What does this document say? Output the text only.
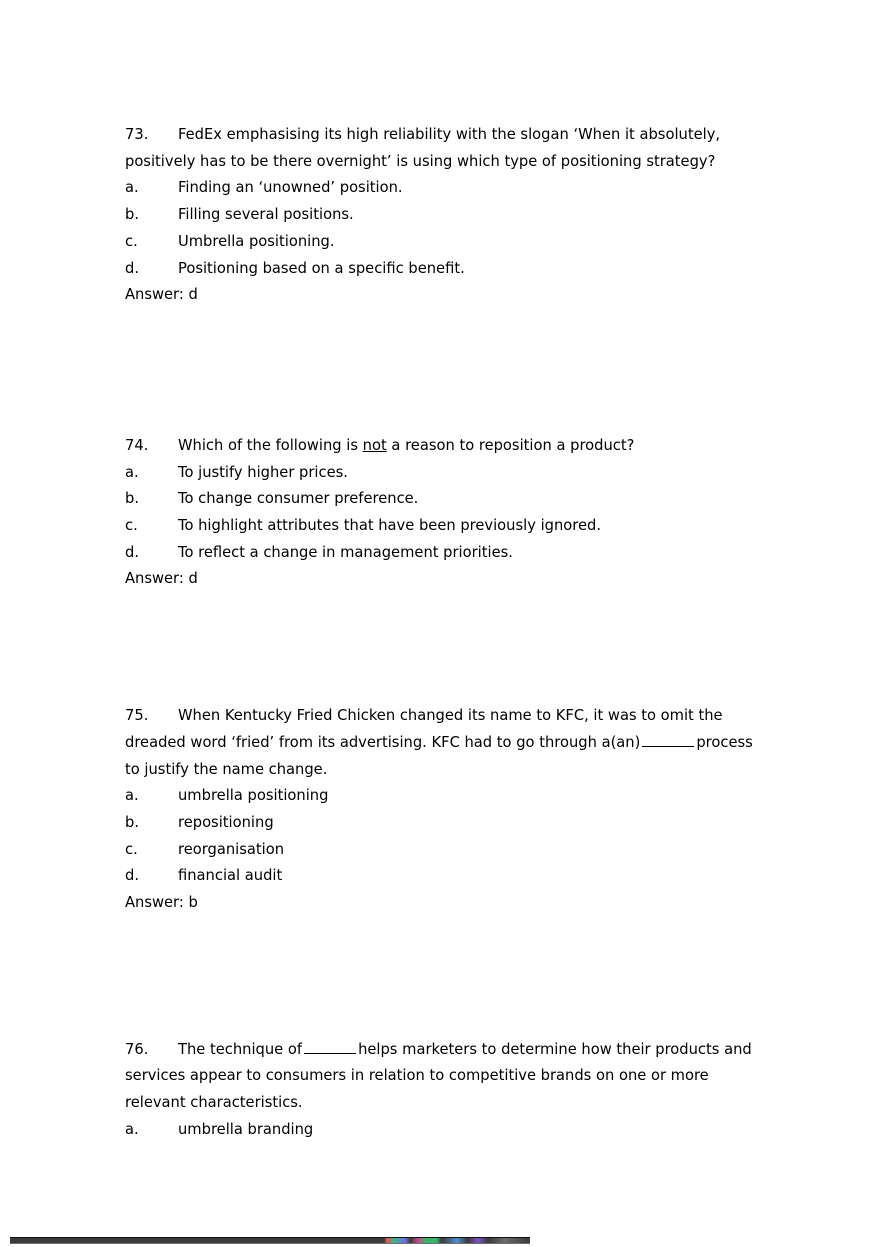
73. FedEx emphasising its high reliability with the slogan ‘When it absolutely, positively has to be there overnight’ is using which type of positioning strategy?

a.	Finding an ‘unowned’ position.

b.	Filling several positions.

c.	Umbrella positioning.

d.	Positioning based on a specific benefit.

Answer: d

74. Which of the following is not a reason to reposition a product?

a.	To justify higher prices.

b.	To change consumer preference.

c.	To highlight attributes that have been previously ignored.

d.	To reflect a change in management priorities.

Answer: d

75. When Kentucky Fried Chicken changed its name to KFC, it was to omit the dreaded word ‘fried’ from its advertising. KFC had to go through a(an)	process to justify the name change.

a.	umbrella positioning

b.	repositioning

c.	reorganisation

d.	financial audit

Answer: b

76. The technique of	helps marketers to determine how their products and services appear to consumers in relation to competitive brands on one or more relevant characteristics.

a.	umbrella branding
